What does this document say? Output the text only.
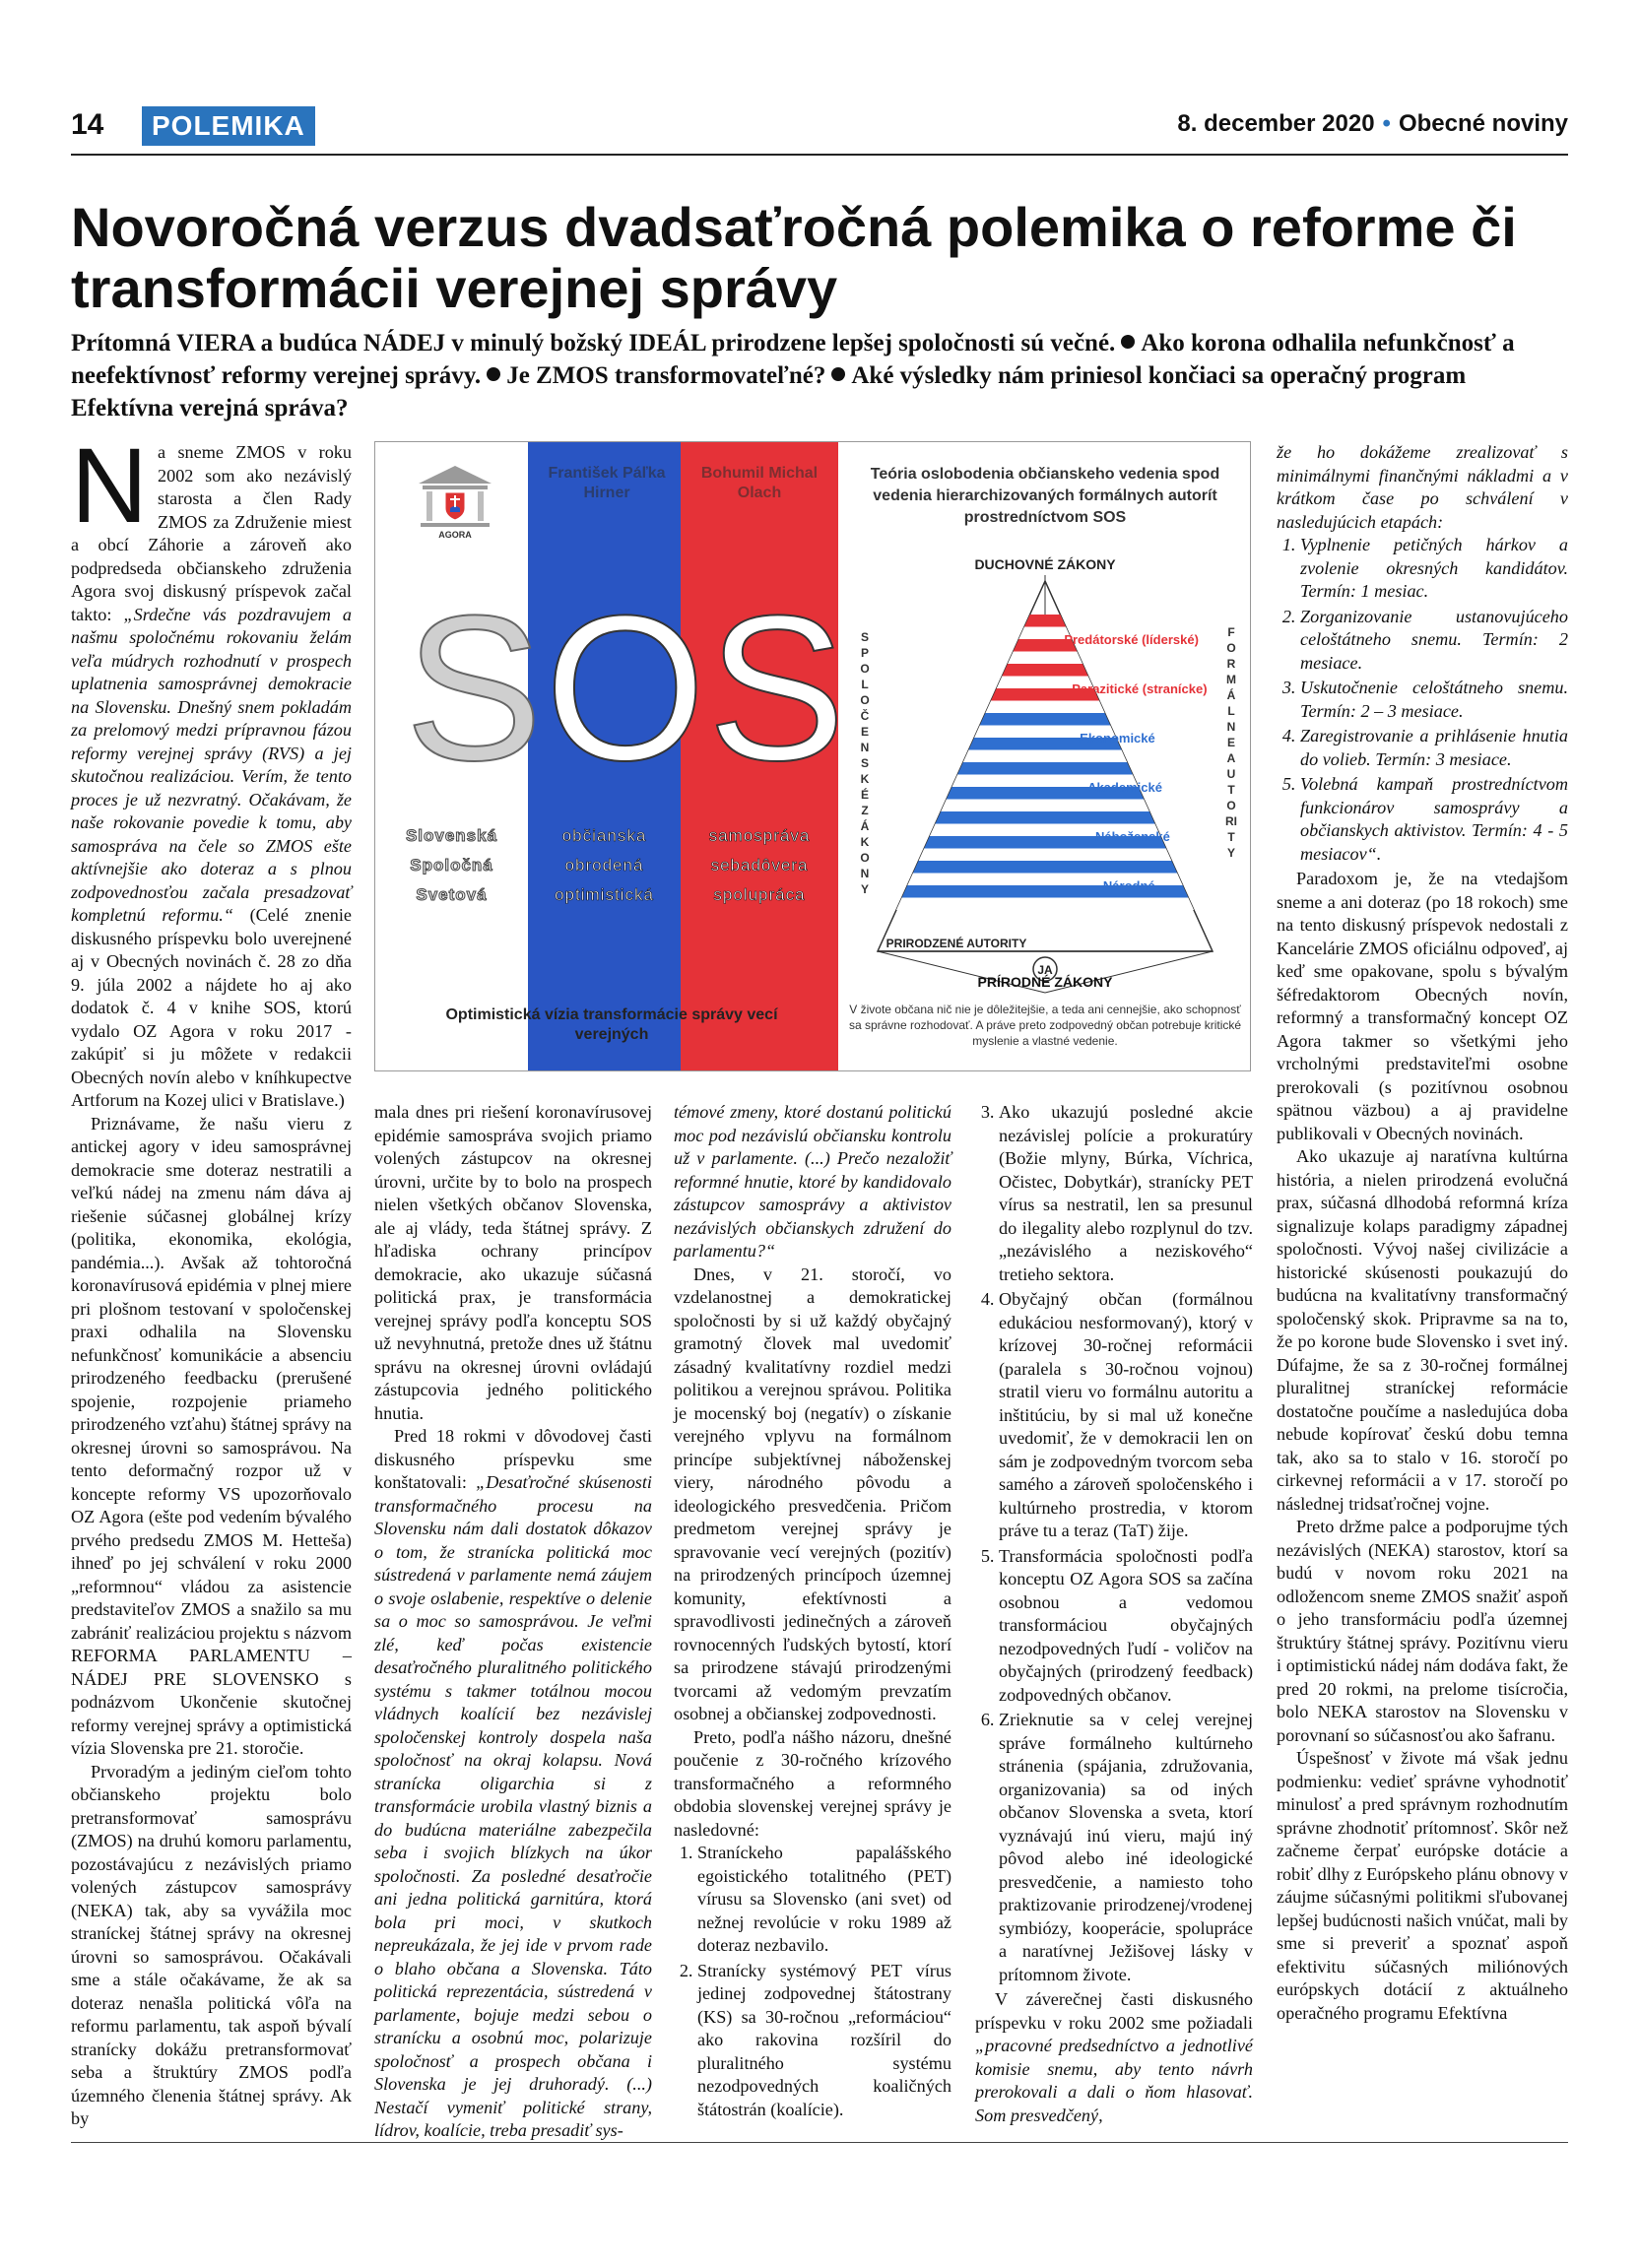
14	POLEMIKA	8. december 2020 • Obecné noviny
Novoročná verzus dvadsaťročná polemika o reforme či transformácii verejnej správy
Prítomná VIERA a budúca NÁDEJ v minulý božský IDEÁL prirodzene lepšej spoločnosti sú večné. Ako korona odhalila nefunkčnosť a neefektívnosť reformy verejnej správy. Je ZMOS transformovateľné? Aké výsledky nám priniesol končiaci sa operačný program Efektívna verejná správa?
AGORA
František Páľka Hirner
Bohumil Michal Olach
SOS
Slovenská
Spoločná
Svetová
občianska
obrodená
optimistická
samospráva
sebadôvera
spolupráca
Optimistická vízia transformácie správy vecí verejných
Teória oslobodenia občianskeho vedenia spod vedenia hierarchizovaných formálnych autorít prostredníctvom SOS
SPOLOČENSKÉ ZÁKONY
FORMÁLNE AUTORITY
DUCHOVNÉ ZÁKONY
Predátorské (líderské)
Parazitické (stranícke)
Ekonomické
Akademické
Náboženské
Národné
PRIRODZENÉ AUTORITY
JA
PRÍRODNÉ ZÁKONY
V živote občana nič nie je dôležitejšie, a teda ani cennejšie, ako schopnosť sa správne rozhodovať. A práve preto zodpovedný občan potrebuje kritické myslenie a vlastné vedenie.

Na sneme ZMOS v roku 2002 som ako nezávislý starosta a člen Rady ZMOS za Združenie miest a obcí Záhorie a zároveň ako podpredseda občianskeho združenia Agora svoj diskusný príspevok začal takto: „Srdečne vás pozdravujem a našmu spoločnému rokovaniu želám veľa múdrych rozhodnutí v prospech uplatnenia samosprávnej demokracie na Slovensku. Dnešný snem pokladám za prelomový medzi prípravnou fázou reformy verejnej správy (RVS) a jej skutočnou realizáciou. Verím, že tento proces je už nezvratný. Očakávam, že naše rokovanie povedie k tomu, aby samospráva na čele so ZMOS ešte aktívnejšie ako doteraz a s plnou zodpovednosťou začala presadzovať kompletnú reformu.“ (Celé znenie diskusného príspevku bolo uverejnené aj v Obecných novinách č. 28 zo dňa 9. júla 2002 a nájdete ho aj ako dodatok č. 4 v knihe SOS, ktorú vydalo OZ Agora v roku 2017 - zakúpiť si ju môžete v redakcii Obecných novín alebo v kníhkupectve Artforum na Kozej ulici v Bratislave.)

Priznávame, že našu vieru z antickej agory v ideu samosprávnej demokracie sme doteraz nestratili a veľkú nádej na zmenu nám dáva aj riešenie súčasnej globálnej krízy (politika, ekonomika, ekológia, pandémia...). Avšak až tohtoročná koronavírusová epidémia v plnej miere pri plošnom testovaní v spoločenskej praxi odhalila na Slovensku nefunkčnosť komunikácie a absenciu prirodzeného feedbacku (prerušené spojenie, rozpojenie priameho prirodzeného vzťahu) štátnej správy na okresnej úrovni so samosprávou. Na tento deformačný rozpor už v koncepte reformy VS upozorňovalo OZ Agora (ešte pod vedením bývalého prvého predsedu ZMOS M. Hetteša) ihneď po jej schválení v roku 2000 „reformnou“ vládou za asistencie predstaviteľov ZMOS a snažilo sa mu zabrániť realizáciou projektu s názvom REFORMA PARLAMENTU – NÁDEJ PRE SLOVENSKO s podnázvom Ukončenie skutočnej reformy verejnej správy a optimistická vízia Slovenska pre 21. storočie.

Prvoradým a jediným cieľom tohto občianskeho projektu bolo pretransformovať samosprávu (ZMOS) na druhú komoru parlamentu, pozostávajúcu z nezávislých priamo volených zástupcov samosprávy (NEKA) tak, aby sa vyvážila moc straníckej štátnej správy na okresnej úrovni so samosprávou. Očakávali sme a stále očakávame, že ak sa doteraz nenašla politická vôľa na reformu parlamentu, tak aspoň bývalí stranícky dokážu pretransformovať seba a štruktúry ZMOS podľa územného členenia štátnej správy. Ak by

mala dnes pri riešení koronavírusovej epidémie samospráva svojich priamo volených zástupcov na okresnej úrovni, určite by to bolo na prospech nielen všetkých občanov Slovenska, ale aj vlády, teda štátnej správy. Z hľadiska ochrany princípov demokracie, ako ukazuje súčasná politická prax, je transformácia verejnej správy podľa konceptu SOS už nevyhnutná, pretože dnes už štátnu správu na okresnej úrovni ovládajú zástupcovia jedného politického hnutia.

Pred 18 rokmi v dôvodovej časti diskusného príspevku sme konštatovali: „Desaťročné skúsenosti transformačného procesu na Slovensku nám dali dostatok dôkazov o tom, že stranícka politická moc sústredená v parlamente nemá záujem o svoje oslabenie, respektíve o delenie sa o moc so samosprávou. Je veľmi zlé, keď počas existencie desaťročného pluralitného politického systému s takmer totálnou mocou vládnych koalícií bez nezávislej spoločenskej kontroly dospela naša spoločnosť na okraj kolapsu. Nová stranícka oligarchia si z transformácie urobila vlastný biznis a do budúcna materiálne zabezpečila seba i svojich blízkych na úkor spoločnosti. Za posledné desaťročie ani jedna politická garnitúra, ktorá bola pri moci, v skutkoch nepreukázala, že jej ide v prvom rade o blaho občana a Slovenska. Táto politická reprezentácia, sústredená v parlamente, bojuje medzi sebou o stranícku a osobnú moc, polarizuje spoločnosť a prospech občana i Slovenska je jej druhoradý. (...) Nestačí vymeniť politické strany, lídrov, koalície, treba presadiť sys-

témové zmeny, ktoré dostanú politickú moc pod nezávislú občiansku kontrolu už v parlamente. (...) Prečo nezaložiť reformné hnutie, ktoré by kandidovalo zástupcov samosprávy a aktivistov nezávislých občianskych združení do parlamentu?“

Dnes, v 21. storočí, vo vzdelanostnej a demokratickej spoločnosti by si už každý obyčajný gramotný človek mal uvedomiť zásadný kvalitatívny rozdiel medzi politikou a verejnou správou. Politika je mocenský boj (negatív) o získanie verejného vplyvu na formálnom princípe subjektívnej náboženskej viery, národného pôvodu a ideologického presvedčenia. Pričom predmetom verejnej správy je spravovanie vecí verejných (pozitív) na prirodzených princípoch územnej komunity, efektívnosti a spravodlivosti jedinečných a zároveň rovnocenných ľudských bytostí, ktorí sa prirodzene stávajú prirodzenými tvorcami až vedomým prevzatím osobnej a občianskej zodpovednosti.

Preto, podľa nášho názoru, dnešné poučenie z 30-ročného krízového transformačného a reformného obdobia slovenskej verejnej správy je nasledovné:

1. Straníckeho papalášského egoistického totalitného (PET) vírusu sa Slovensko (ani svet) od nežnej revolúcie v roku 1989 až doteraz nezbavilo.
2. Stranícky systémový PET vírus jedinej zodpovednej štátostrany (KS) sa 30-ročnou „reformáciou“ ako rakovina rozšíril do pluralitného systému nezodpovedných koaličných štátostrán (koalície).
3. Ako ukazujú posledné akcie nezávislej polície a prokuratúry (Božie mlyny, Búrka, Víchrica, Očistec, Dobytkár), stranícky PET vírus sa nestratil, len sa presunul do ilegality alebo rozplynul do tzv. „nezávislého a neziskového“ tretieho sektora.
4. Obyčajný občan (formálnou edukáciou nesformovaný), ktorý v krízovej 30-ročnej reformácii (paralela s 30-ročnou vojnou) stratil vieru vo formálnu autoritu a inštitúciu, by si mal už konečne uvedomiť, že v demokracii len on sám je zodpovedným tvorcom seba samého a zároveň spoločenského i kultúrneho prostredia, v ktorom práve tu a teraz (TaT) žije.
5. Transformácia spoločnosti podľa konceptu OZ Agora SOS sa začína osobnou a vedomou transformáciou obyčajných nezodpovedných ľudí - voličov na obyčajných (prirodzený feedback) zodpovedných občanov.
6. Zrieknutie sa v celej verejnej správe formálneho kultúrneho stránenia (spájania, združovania, organizovania) sa od iných občanov Slovenska a sveta, ktorí vyznávajú inú vieru, majú iný pôvod alebo iné ideologické presvedčenie, a namiesto toho praktizovanie prirodzenej/vrodenej symbiózy, kooperácie, spolupráce a naratívnej Ježišovej lásky v prítomnom živote.

V záverečnej časti diskusného príspevku v roku 2002 sme požiadali „pracovné predsedníctvo a jednotlivé komisie snemu, aby tento návrh prerokovali a dali o ňom hlasovať. Som presvedčený,

že ho dokážeme zrealizovať s minimálnymi finančnými nákladmi a v krátkom čase po schválení v nasledujúcich etapách:

1. Vyplnenie petičných hárkov a zvolenie okresných kandidátov. Termín: 1 mesiac.
2. Zorganizovanie ustanovujúceho celoštátneho snemu. Termín: 2 mesiace.
3. Uskutočnenie celoštátneho snemu. Termín: 2 – 3 mesiace.
4. Zaregistrovanie a prihlásenie hnutia do volieb. Termín: 3 mesiace.
5. Volebná kampaň prostredníctvom funkcionárov samosprávy a občianskych aktivistov. Termín: 4 - 5 mesiacov“.

Paradoxom je, že na vtedajšom sneme a ani doteraz (po 18 rokoch) sme na tento diskusný príspevok nedostali z Kancelárie ZMOS oficiálnu odpoveď, aj keď sme opakovane, spolu s bývalým šéfredaktorom Obecných novín, reformný a transformačný koncept OZ Agora takmer so všetkými jeho vrcholnými predstaviteľmi osobne prerokovali (s pozitívnou osobnou spätnou väzbou) a aj pravidelne publikovali v Obecných novinách.

Ako ukazuje aj naratívna kultúrna história, a nielen prirodzená evolučná prax, súčasná dlhodobá reformná kríza signalizuje kolaps paradigmy západnej spoločnosti. Vývoj našej civilizácie a historické skúsenosti poukazujú do budúcna na kvalitatívny transformačný spoločenský skok. Pripravme sa na to, že po korone bude Slovensko i svet iný. Dúfajme, že sa z 30-ročnej formálnej pluralitnej straníckej reformácie dostatočne poučíme a nasledujúca doba nebude kopírovať českú dobu temna tak, ako sa to stalo v 16. storočí po cirkevnej reformácii a v 17. storočí po následnej tridsaťročnej vojne.

Preto držme palce a podporujme tých nezávislých (NEKA) starostov, ktorí sa budú v novom roku 2021 na odložencom sneme ZMOS snažiť aspoň o jeho transformáciu podľa územnej štruktúry štátnej správy. Pozitívnu vieru i optimistickú nádej nám dodáva fakt, že pred 20 rokmi, na prelome tisícročia, bolo NEKA starostov na Slovensku v porovnaní so súčasnosťou ako šafranu.

Úspešnosť v živote má však jednu podmienku: vedieť správne vyhodnotiť minulosť a pred správnym rozhodnutím správne zhodnotiť prítomnosť. Skôr než začneme čerpať európske dotácie a robiť dlhy z Európskeho plánu obnovy v záujme súčasnými politikmi sľubovanej lepšej budúcnosti našich vnúčat, mali by sme si preveriť a spoznať aspoň efektivitu súčasných miliónových európskych dotácií z aktuálneho operačného programu Efektívna
